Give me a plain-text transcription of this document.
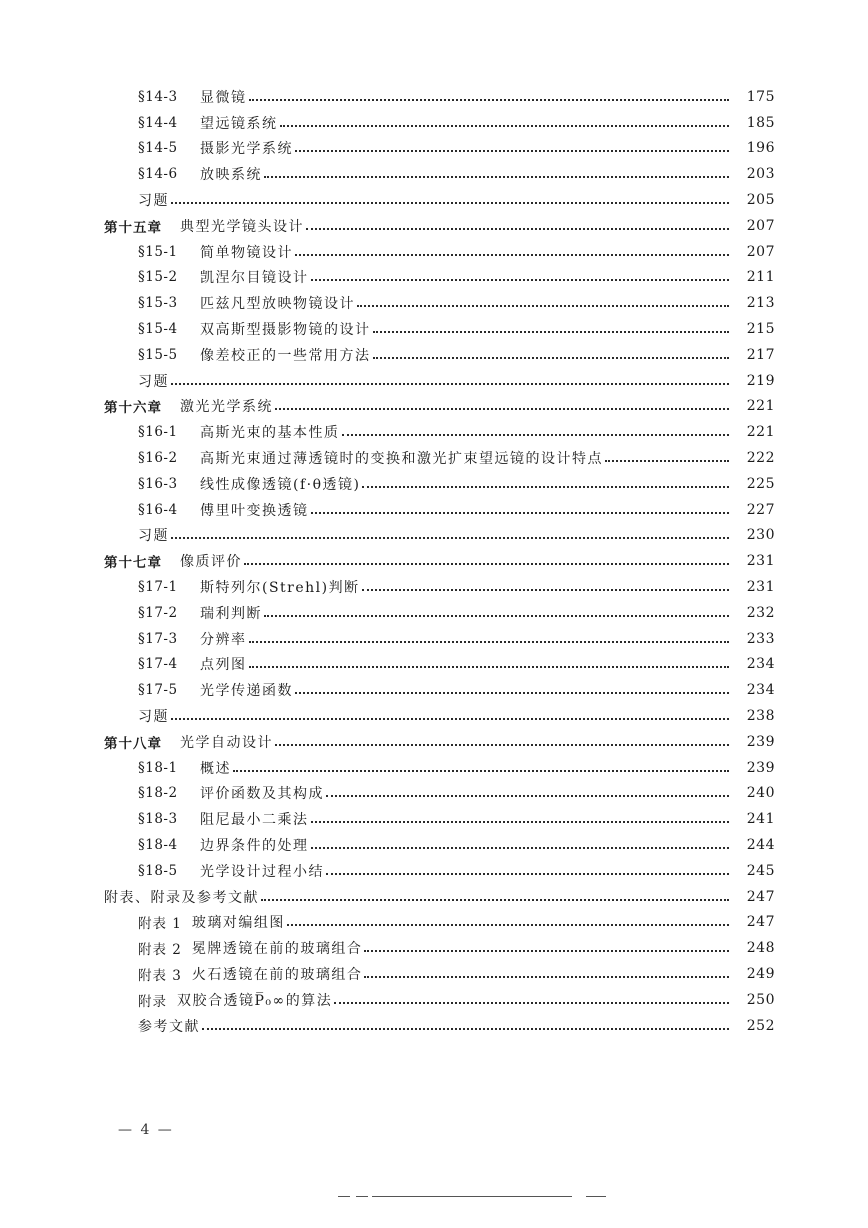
§14-3	显微镜	175
§14-4	望远镜系统	185
§14-5	摄影光学系统	196
§14-6	放映系统	203
习题	205
第十五章 典型光学镜头设计	207
§15-1	简单物镜设计	207
§15-2	凯涅尔目镜设计	211
§15-3	匹兹凡型放映物镜设计	213
§15-4	双高斯型摄影物镜的设计	215
§15-5	像差校正的一些常用方法	217
习题	219
第十六章 激光光学系统	221
§16-1	高斯光束的基本性质	221
§16-2	高斯光束通过薄透镜时的变换和激光扩束望远镜的设计特点	222
§16-3	线性成像透镜(f·θ透镜)	225
§16-4	傅里叶变换透镜	227
习题	230
第十七章 像质评价	231
§17-1	斯特列尔(Strehl)判断	231
§17-2	瑞利判断	232
§17-3	分辨率	233
§17-4	点列图	234
§17-5	光学传递函数	234
习题	238
第十八章 光学自动设计	239
§18-1	概述	239
§18-2	评价函数及其构成	240
§18-3	阻尼最小二乘法	241
§18-4	边界条件的处理	244
§18-5	光学设计过程小结	245
附表、附录及参考文献	247
附表 1 玻璃对编组图	247
附表 2 冕牌透镜在前的玻璃组合	248
附表 3 火石透镜在前的玻璃组合	249
附录 双胶合透镜P̅₀∞的算法	250
参考文献	252
— 4 —
